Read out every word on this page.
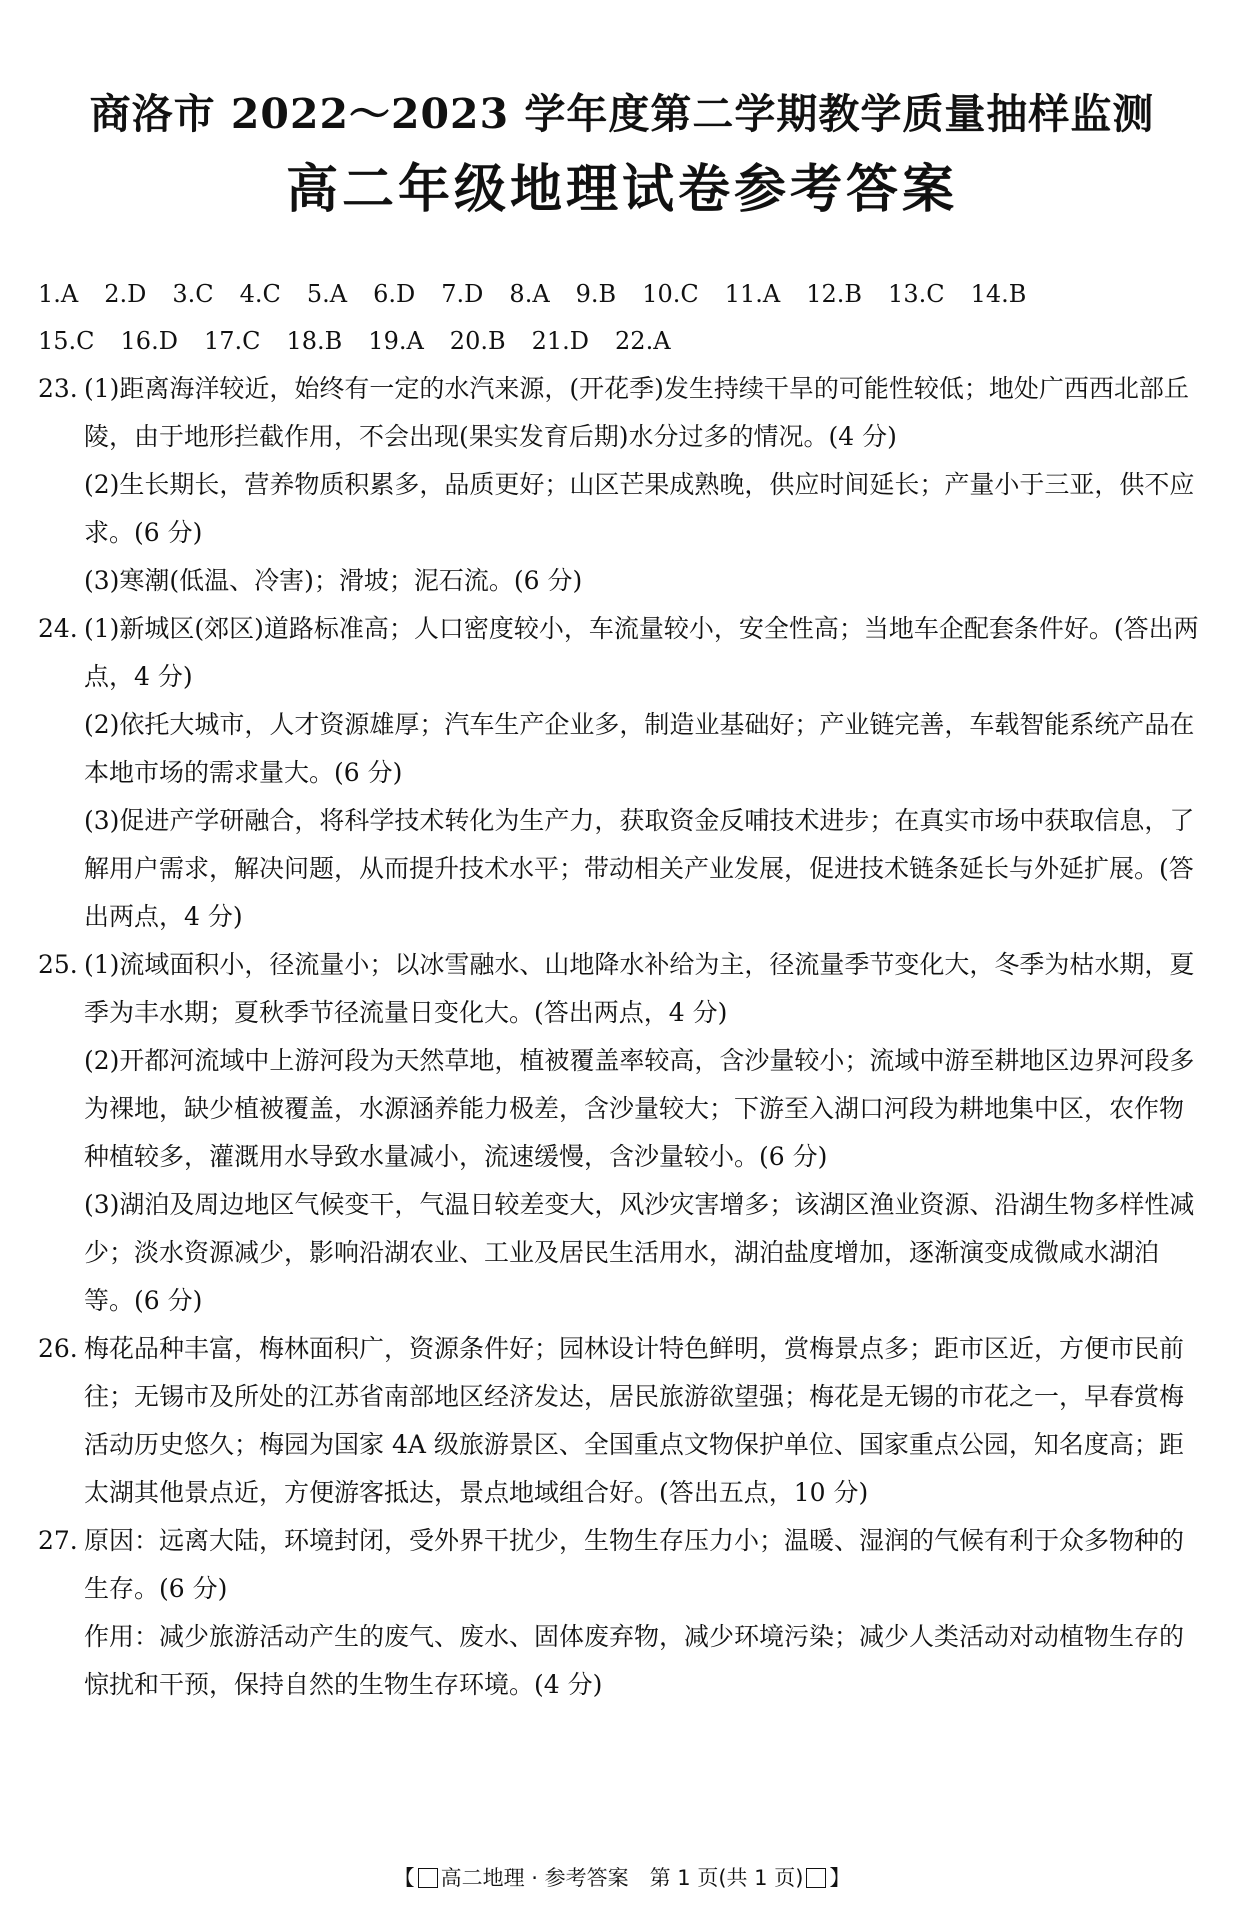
商洛市 2022～2023 学年度第二学期教学质量抽样监测
高二年级地理试卷参考答案
1.A 2.D 3.C 4.C 5.A 6.D 7.D 8.A 9.B 10.C 11.A 12.B 13.C 14.B
15.C 16.D 17.C 18.B 19.A 20.B 21.D 22.A
23. (1)距离海洋较近，始终有一定的水汽来源，(开花季)发生持续干旱的可能性较低；地处广西西北部丘陵，由于地形拦截作用，不会出现(果实发育后期)水分过多的情况。(4 分)
(2)生长期长，营养物质积累多，品质更好；山区芒果成熟晚，供应时间延长；产量小于三亚，供不应求。(6 分)
(3)寒潮(低温、冷害)；滑坡；泥石流。(6 分)
24. (1)新城区(郊区)道路标准高；人口密度较小，车流量较小，安全性高；当地车企配套条件好。(答出两点，4 分)
(2)依托大城市，人才资源雄厚；汽车生产企业多，制造业基础好；产业链完善，车载智能系统产品在本地市场的需求量大。(6 分)
(3)促进产学研融合，将科学技术转化为生产力，获取资金反哺技术进步；在真实市场中获取信息，了解用户需求，解决问题，从而提升技术水平；带动相关产业发展，促进技术链条延长与外延扩展。(答出两点，4 分)
25. (1)流域面积小，径流量小；以冰雪融水、山地降水补给为主，径流量季节变化大，冬季为枯水期，夏季为丰水期；夏秋季节径流量日变化大。(答出两点，4 分)
(2)开都河流域中上游河段为天然草地，植被覆盖率较高，含沙量较小；流域中游至耕地区边界河段多为裸地，缺少植被覆盖，水源涵养能力极差，含沙量较大；下游至入湖口河段为耕地集中区，农作物种植较多，灌溉用水导致水量减小，流速缓慢，含沙量较小。(6 分)
(3)湖泊及周边地区气候变干，气温日较差变大，风沙灾害增多；该湖区渔业资源、沿湖生物多样性减少；淡水资源减少，影响沿湖农业、工业及居民生活用水，湖泊盐度增加，逐渐演变成微咸水湖泊等。(6 分)
26. 梅花品种丰富，梅林面积广，资源条件好；园林设计特色鲜明，赏梅景点多；距市区近，方便市民前往；无锡市及所处的江苏省南部地区经济发达，居民旅游欲望强；梅花是无锡的市花之一，早春赏梅活动历史悠久；梅园为国家 4A 级旅游景区、全国重点文物保护单位、国家重点公园，知名度高；距太湖其他景点近，方便游客抵达，景点地域组合好。(答出五点，10 分)
27. 原因：远离大陆，环境封闭，受外界干扰少，生物生存压力小；温暖、湿润的气候有利于众多物种的生存。(6 分)
作用：减少旅游活动产生的废气、废水、固体废弃物，减少环境污染；减少人类活动对动植物生存的惊扰和干预，保持自然的生物生存环境。(4 分)
【 高二地理 · 参考答案　第 1 页(共 1 页) 】
